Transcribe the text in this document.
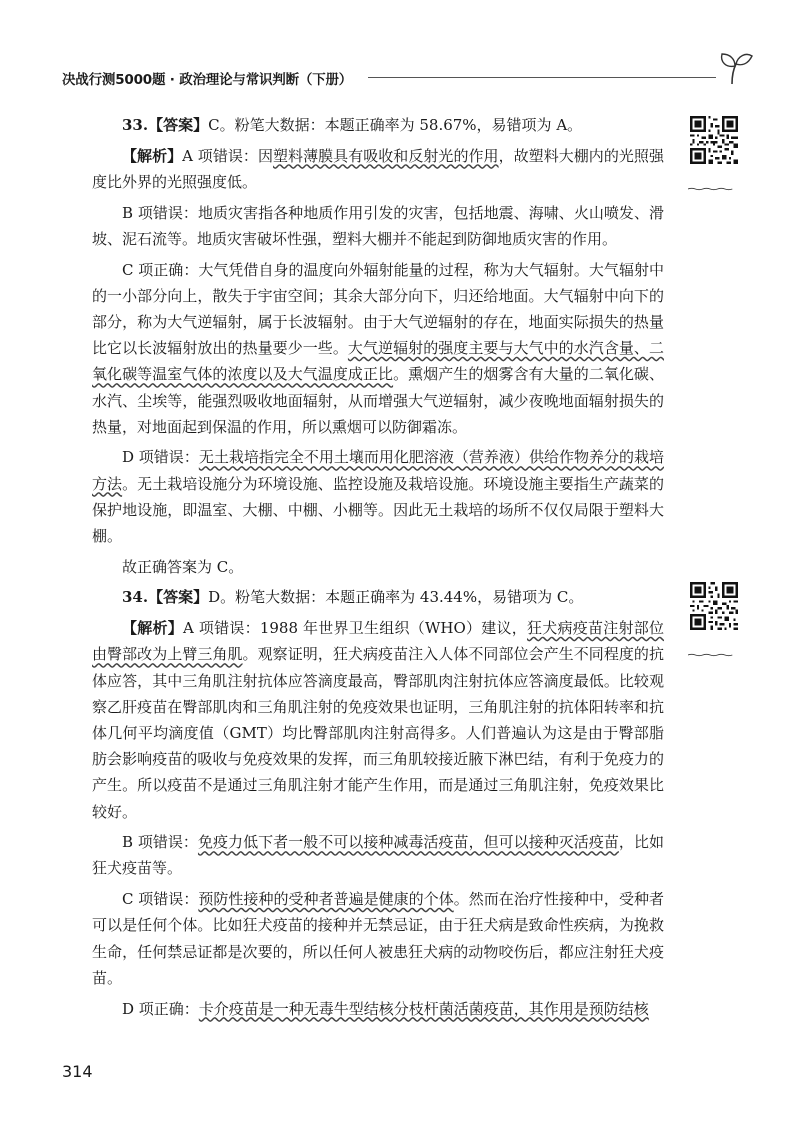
决战行测5000题 · 政治理论与常识判断（下册）

33.【答案】C。粉笔大数据：本题正确率为 58.67%，易错项为 A。

【解析】A 项错误：因塑料薄膜具有吸收和反射光的作用，故塑料大棚内的光照强度比外界的光照强度低。

B 项错误：地质灾害指各种地质作用引发的灾害，包括地震、海啸、火山喷发、滑坡、泥石流等。地质灾害破坏性强，塑料大棚并不能起到防御地质灾害的作用。

C 项正确：大气凭借自身的温度向外辐射能量的过程，称为大气辐射。大气辐射中的一小部分向上，散失于宇宙空间；其余大部分向下，归还给地面。大气辐射中向下的部分，称为大气逆辐射，属于长波辐射。由于大气逆辐射的存在，地面实际损失的热量比它以长波辐射放出的热量要少一些。大气逆辐射的强度主要与大气中的水汽含量、二氧化碳等温室气体的浓度以及大气温度成正比。熏烟产生的烟雾含有大量的二氧化碳、水汽、尘埃等，能强烈吸收地面辐射，从而增强大气逆辐射，减少夜晚地面辐射损失的热量，对地面起到保温的作用，所以熏烟可以防御霜冻。

D 项错误：无土栽培指完全不用土壤而用化肥溶液（营养液）供给作物养分的栽培方法。无土栽培设施分为环境设施、监控设施及栽培设施。环境设施主要指生产蔬菜的保护地设施，即温室、大棚、中棚、小棚等。因此无土栽培的场所不仅仅局限于塑料大棚。

故正确答案为 C。

34.【答案】D。粉笔大数据：本题正确率为 43.44%，易错项为 C。

【解析】A 项错误：1988 年世界卫生组织（WHO）建议，狂犬病疫苗注射部位由臀部改为上臂三角肌。观察证明，狂犬病疫苗注入人体不同部位会产生不同程度的抗体应答，其中三角肌注射抗体应答滴度最高，臀部肌肉注射抗体应答滴度最低。比较观察乙肝疫苗在臀部肌肉和三角肌注射的免疫效果也证明，三角肌注射的抗体阳转率和抗体几何平均滴度值（GMT）均比臀部肌肉注射高得多。人们普遍认为这是由于臀部脂肪会影响疫苗的吸收与免疫效果的发挥，而三角肌较接近腋下淋巴结，有利于免疫力的产生。所以疫苗不是通过三角肌注射才能产生作用，而是通过三角肌注射，免疫效果比较好。

B 项错误：免疫力低下者一般不可以接种减毒活疫苗，但可以接种灭活疫苗，比如狂犬疫苗等。

C 项错误：预防性接种的受种者普遍是健康的个体。然而在治疗性接种中，受种者可以是任何个体。比如狂犬疫苗的接种并无禁忌证，由于狂犬病是致命性疾病，为挽救生命，任何禁忌证都是次要的，所以任何人被患狂犬病的动物咬伤后，都应注射狂犬疫苗。

D 项正确：卡介疫苗是一种无毒牛型结核分枝杆菌活菌疫苗，其作用是预防结核

314
